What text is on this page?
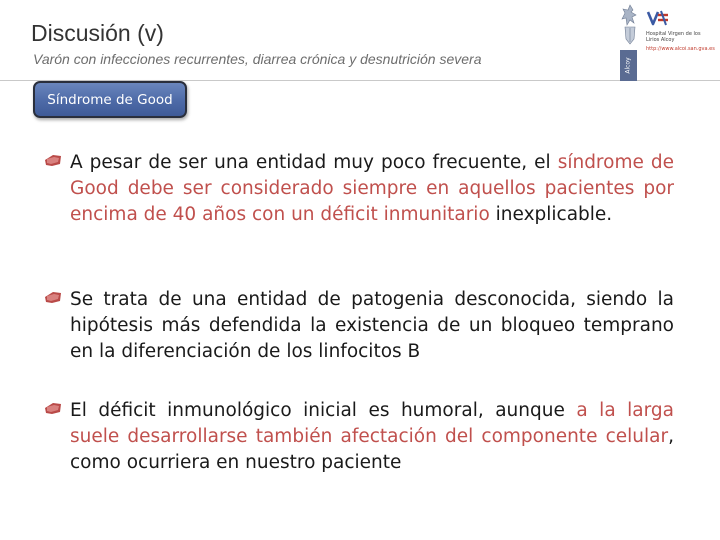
Discusión (v)
Varón con infecciones recurrentes, diarrea crónica y desnutrición severa	Alcoy
Hospital Virgen de los Lirios Alcoy
http://www.alcoi.san.gva.es
Síndrome de Good
A pesar de ser una entidad muy poco frecuente, el síndrome de Good debe ser considerado siempre en aquellos pacientes por encima de 40 años con un déficit inmunitario inexplicable.
Se trata de una entidad de patogenia desconocida, siendo la hipótesis más defendida la existencia de un bloqueo temprano en la diferenciación de los linfocitos B
El déficit inmunológico inicial es humoral, aunque a la larga suele desarrollarse también afectación del componente celular, como ocurriera en nuestro paciente
